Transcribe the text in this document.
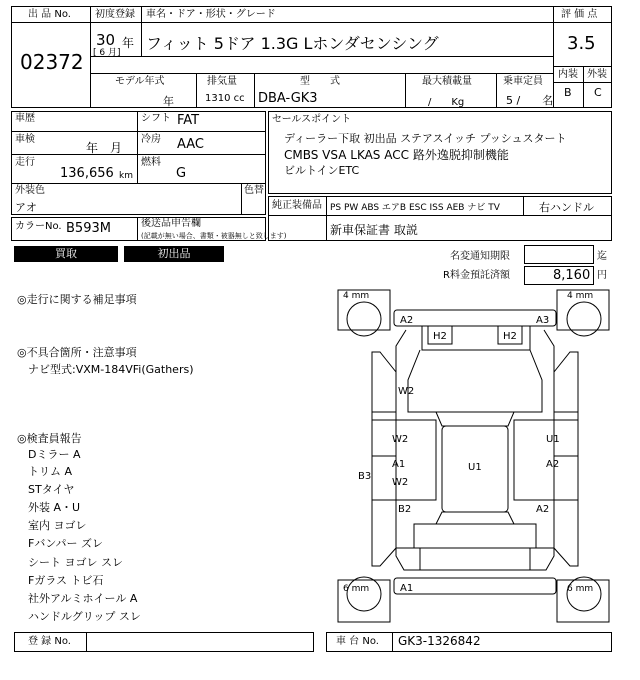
出 品 No.
02372
初度登録
30 年
[ 6 月]
車名・ドア・形状・グレード
フィット 5ドア 1.3G Lホンダセンシング
モデル年式	排気量	型　　式	最大積載量	乗車定員
年	1310 cc DBA-GK3	/　　Kg	5 /　　名
評 価 点
3.5
内装 外装
B C
車歴	シフト FAT
車検
年　月
冷房 AAC
走行
136,656 km
燃料
G
外装色
アオ
色替
セールスポイント
ディーラー下取 初出品 ステアスイッチ プッシュスタート
CMBS VSA LKAS ACC 路外逸脱抑制機能
ビルトインETC
純正装備品 PS PW ABS エアB ESC ISS AEB ナビ TV	右ハンドル
新車保証書 取説
カラーNo. B593M	後送品申告欄
(記載が無い場合、書類・被器無しと致します)
買取	初出品	名変通知期限	迄
R料金預託済額	8,160 円
◎走行に関する補足事項
◎不具合箇所・注意事項
ナビ型式:VXM-184VFi(Gathers)
◎検査員報告
Dミラー A
トリム A
STタイヤ
外装 A・U
室内 ヨゴレ
Fバンパー ズレ
シート ヨゴレ スレ
Fガラス トビ石
社外アルミホイール A
ハンドルグリップ スレ
4 mm	4 mm
6 mm	6 mm
A2	A3
H2	H2
W2
W2	U1
A1
W2
U1	A2
B3
B2	A2
A1
登 録 No.	車 台 No. GK3-1326842
